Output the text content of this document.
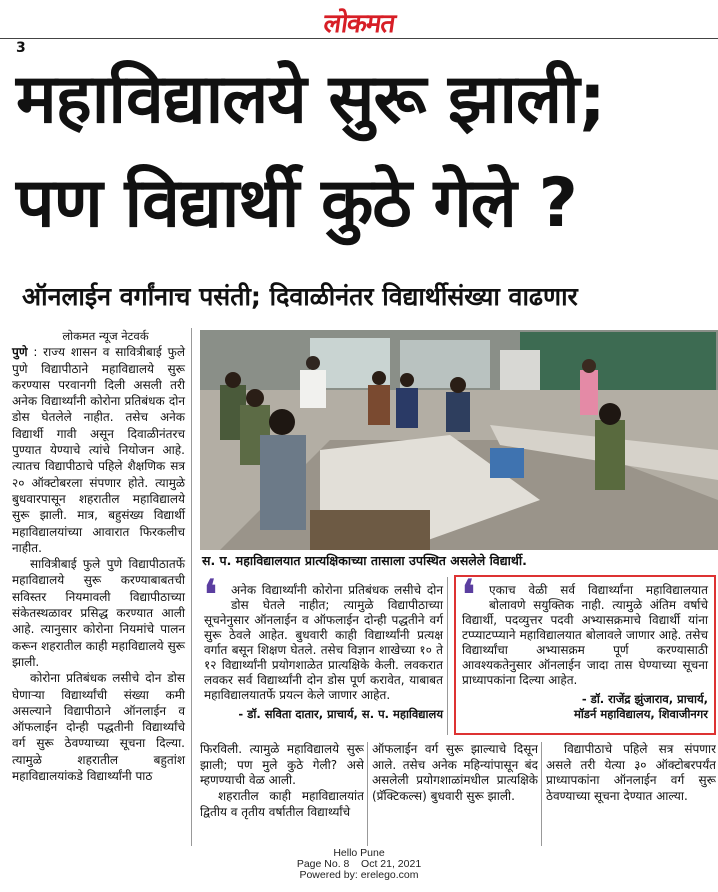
लोकमत
3
महाविद्यालये सुरू झाली;
पण विद्यार्थी कुठे गेले ?
ऑनलाईन वर्गांनाच पसंती; दिवाळीनंतर विद्यार्थीसंख्या वाढणार
लोकमत न्यूज नेटवर्क

पुणे : राज्य शासन व सावित्रीबाई फुले पुणे विद्यापीठाने महाविद्यालये सुरू करण्यास परवानगी दिली असली तरी अनेक विद्यार्थ्यांनी कोरोना प्रतिबंधक दोन डोस घेतलेले नाहीत. तसेच अनेक विद्यार्थी गावी असून दिवाळीनंतरच पुण्यात येण्याचे त्यांचे नियोजन आहे. त्यातच विद्यापीठाचे पहिले शैक्षणिक सत्र २० ऑक्टोबरला संपणार होते. त्यामुळे बुधवारपासून शहरातील महाविद्यालये सुरू झाली. मात्र, बहुसंख्य विद्यार्थी महाविद्यालयांच्या आवारात फिरकलीच नाहीत.

सावित्रीबाई फुले पुणे विद्यापीठातर्फे महाविद्यालये सुरू करण्याबाबतची सविस्तर नियमावली विद्यापीठाच्या संकेतस्थळावर प्रसिद्ध करण्यात आली आहे. त्यानुसार कोरोना नियमांचे पालन करून शहरातील काही महाविद्यालये सुरू झाली.

कोरोना प्रतिबंधक लसीचे दोन डोस घेणाऱ्या विद्यार्थ्यांची संख्या कमी असल्याने विद्यापीठाने ऑनलाईन व ऑफलाईन दोन्ही पद्धतीनी विद्यार्थ्यांचे वर्ग सुरू ठेवण्याच्या सूचना दिल्या. त्यामुळे शहरातील बहुतांश महाविद्यालयांकडे विद्यार्थ्यांनी पाठ

स. प. महाविद्यालयात प्रात्यक्षिकाच्या तासाला उपस्थित असलेले विद्यार्थी.
❛	अनेक विद्यार्थ्यांनी कोरोना प्रतिबंधक लसीचे दोन डोस घेतले नाहीत; त्यामुळे विद्यापीठाच्या सूचनेनुसार ऑनलाईन व ऑफलाईन दोन्ही पद्धतीने वर्ग सुरू ठेवले आहेत. बुधवारी काही विद्यार्थ्यांनी प्रत्यक्ष वर्गात बसून शिक्षण घेतले. तसेच विज्ञान शाखेच्या १० ते १२ विद्यार्थ्यांनी प्रयोगशाळेत प्रात्यक्षिके केली. लवकरात लवकर सर्व विद्यार्थ्यांनी दोन डोस पूर्ण करावेत, याबाबत महाविद्यालयातर्फे प्रयत्न केले जाणार आहेत.
- डॉ. सविता दातार, प्राचार्य, स. प. महाविद्यालय
❛	एकाच वेळी सर्व विद्यार्थ्यांना महाविद्यालयात बोलावणे सयुक्तिक नाही. त्यामुळे अंतिम वर्षाचे विद्यार्थी, पदव्युत्तर पदवी अभ्यासक्रमाचे विद्यार्थी यांना टप्प्याटप्प्याने महाविद्यालयात बोलावले जाणार आहे. तसेच विद्यार्थ्यांचा अभ्यासक्रम पूर्ण करण्यासाठी आवश्यकतेनुसार ऑनलाईन जादा तास घेण्याच्या सूचना प्राध्यापकांना दिल्या आहेत.
- डॉ. राजेंद्र झुंजाराव, प्राचार्य,
मॉडर्न महाविद्यालय, शिवाजीनगर

फिरविली. त्यामुळे महाविद्यालये सुरू झाली; पण मुले कुठे गेली? असे म्हणण्याची वेळ आली.

शहरातील काही महाविद्यालयांत द्वितीय व तृतीय वर्षातील विद्यार्थ्यांचे

ऑफलाईन वर्ग सुरू झाल्याचे दिसून आले. तसेच अनेक महिन्यांपासून बंद असलेली प्रयोगशाळांमधील प्रात्यक्षिके (प्रॅक्टिकल्स) बुधवारी सुरू झाली.

विद्यापीठाचे पहिले सत्र संपणार असले तरी येत्या ३० ऑक्टोबरपर्यंत प्राध्यापकांना ऑनलाईन वर्ग सुरू ठेवण्याच्या सूचना देण्यात आल्या.

Hello Pune
Page No. 8    Oct 21, 2021
Powered by: erelego.com
